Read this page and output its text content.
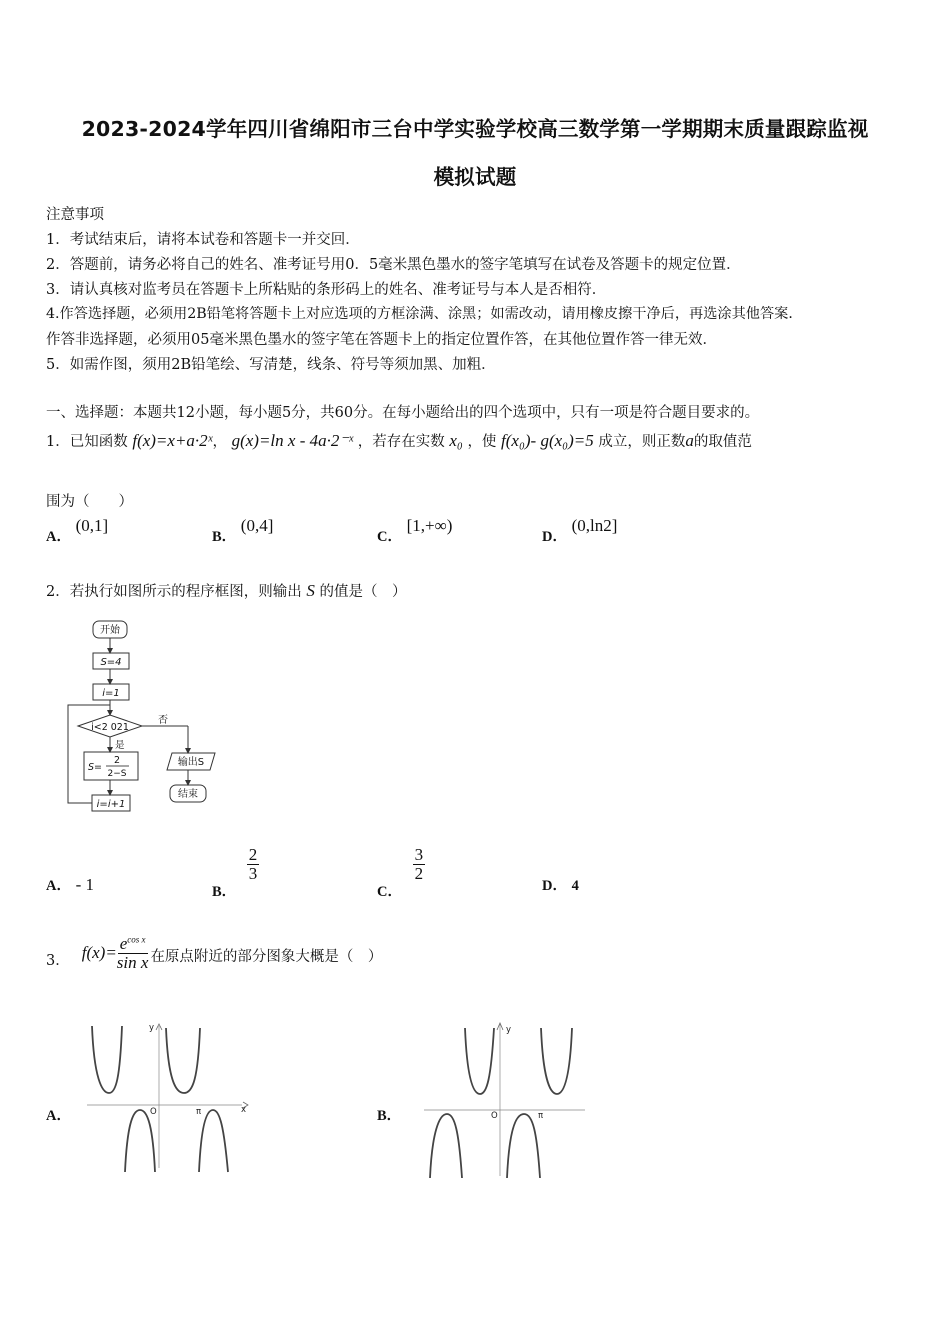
2023-2024学年四川省绵阳市三台中学实验学校高三数学第一学期期末质量跟踪监视
模拟试题
注意事项
1．考试结束后，请将本试卷和答题卡一并交回．
2．答题前，请务必将自己的姓名、准考证号用0．5毫米黑色墨水的签字笔填写在试卷及答题卡的规定位置．
3．请认真核对监考员在答题卡上所粘贴的条形码上的姓名、准考证号与本人是否相符．
4.作答选择题，必须用2B铅笔将答题卡上对应选项的方框涂满、涂黑；如需改动，请用橡皮擦干净后，再选涂其他答案．
作答非选择题，必须用05毫米黑色墨水的签字笔在答题卡上的指定位置作答，在其他位置作答一律无效．
5．如需作图，须用2B铅笔绘、写清楚，线条、符号等须加黑、加粗．
一、选择题：本题共12小题，每小题5分，共60分。在每小题给出的四个选项中，只有一项是符合题目要求的。
1．已知函数 f(x)=x+a·2ˣ， g(x)=ln x - 4a·2⁻ˣ ，若存在实数 x₀ ，使 f(x₀)- g(x₀)=5 成立，则正数a的取值范
围为（　　）
A． (0,1]
B． (0,4]
C． [1,+∞)
D． (0,ln2]
2．若执行如图所示的程序框图，则输出 S 的值是（　）
开始
S=4
i=1
i<2 021
否
是
S=
2
2−S
输出S
结束
i=i+1
A． - 1	B．
$\frac{2}{3}$
C．
$\frac{3}{2}$
D． 4
3． $f(x)= \frac{e^{cos x}}{\text{sin x}}$ 在原点附近的部分图象大概是（　）
A．
y
x
O	π	B．
y
O	π
